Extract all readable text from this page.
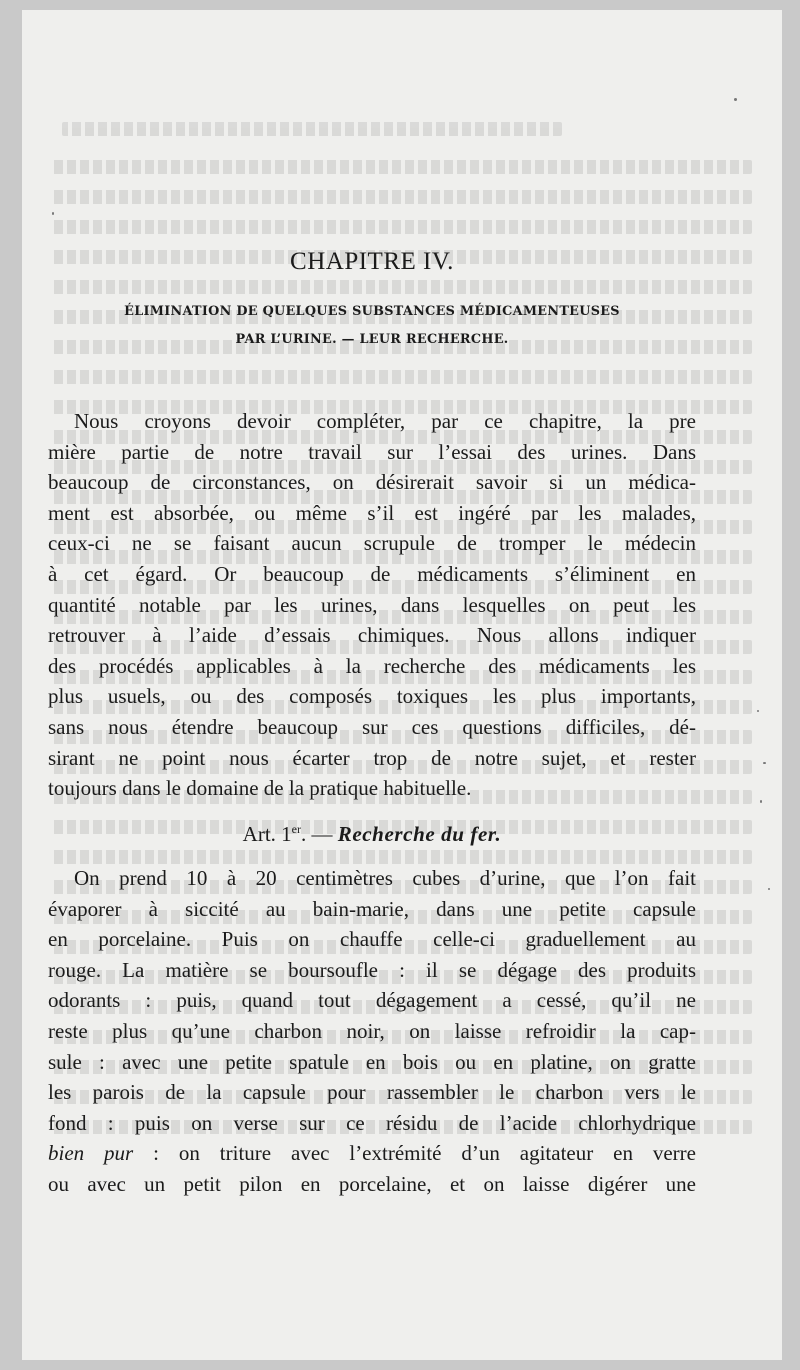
CHAPITRE IV.
ÉLIMINATION DE QUELQUES SUBSTANCES MÉDICAMENTEUSES
PAR L’URINE. — LEUR RECHERCHE.
Nous croyons devoir compléter, par ce chapitre, la pre
mière partie de notre travail sur l’essai des urines. Dans
beaucoup de circonstances, on désirerait savoir si un médica-
ment est absorbée, ou même s’il est ingéré par les malades,
ceux-ci ne se faisant aucun scrupule de tromper le médecin
à cet égard. Or beaucoup de médicaments s’éliminent en
quantité notable par les urines, dans lesquelles on peut les
retrouver à l’aide d’essais chimiques. Nous allons indiquer
des procédés applicables à la recherche des médicaments les
plus usuels, ou des composés toxiques les plus importants,
sans nous étendre beaucoup sur ces questions difficiles, dé-
sirant ne point nous écarter trop de notre sujet, et rester
toujours dans le domaine de la pratique habituelle.
Art. 1er. — Recherche du fer.
On prend 10 à 20 centimètres cubes d’urine, que l’on fait
évaporer à siccité au bain-marie, dans une petite capsule
en porcelaine. Puis on chauffe celle-ci graduellement au
rouge. La matière se boursoufle : il se dégage des produits
odorants : puis, quand tout dégagement a cessé, qu’il ne
reste plus qu’une charbon noir, on laisse refroidir la cap-
sule : avec une petite spatule en bois ou en platine, on gratte
les parois de la capsule pour rassembler le charbon vers le
fond : puis on verse sur ce résidu de l’acide chlorhydrique
bien pur : on triture avec l’extrémité d’un agitateur en verre
ou avec un petit pilon en porcelaine, et on laisse digérer une
